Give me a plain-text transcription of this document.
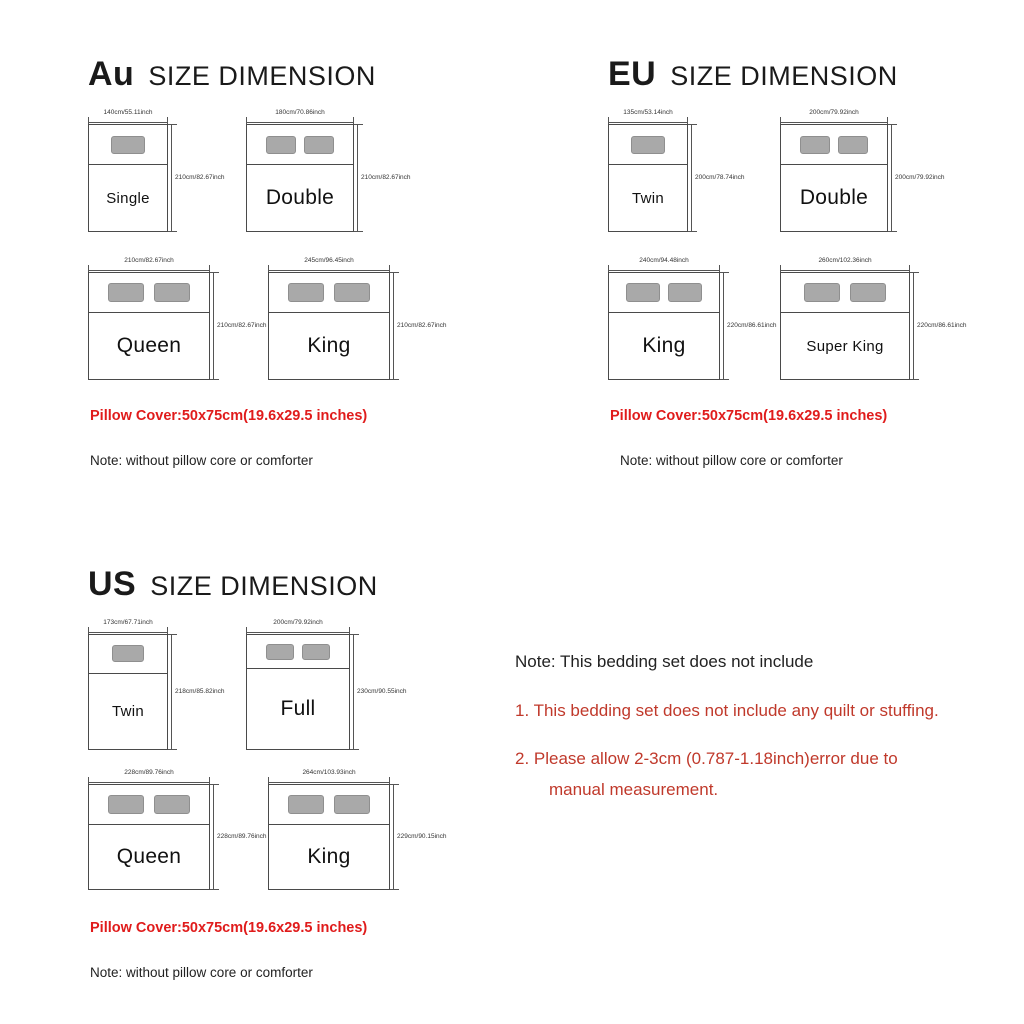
Au SIZE DIMENSION
140cm/55.11inch
210cm/82.67inch
Single
180cm/70.86inch
210cm/82.67inch
Double
210cm/82.67inch
210cm/82.67inch
Queen
245cm/96.45inch
210cm/82.67inch
King
Pillow Cover:50x75cm(19.6x29.5 inches)
Note: without pillow core or comforter
EU SIZE DIMENSION
135cm/53.14inch
200cm/78.74inch
Twin
200cm/79.92inch
200cm/79.92inch
Double
240cm/94.48inch
220cm/86.61inch
King
260cm/102.36inch
220cm/86.61inch
Super King
Pillow Cover:50x75cm(19.6x29.5 inches)
Note: without pillow core or comforter
US SIZE DIMENSION
173cm/67.71inch
218cm/85.82inch
Twin
200cm/79.92inch
230cm/90.55inch
Full
228cm/89.76inch
228cm/89.76inch
Queen
264cm/103.93inch
229cm/90.15inch
King
Pillow Cover:50x75cm(19.6x29.5 inches)
Note: without pillow core or comforter
Note: This bedding set does not include
1. This bedding set does not include any quilt or stuffing.
2. Please allow 2-3cm (0.787-1.18inch)error due to
manual measurement.
